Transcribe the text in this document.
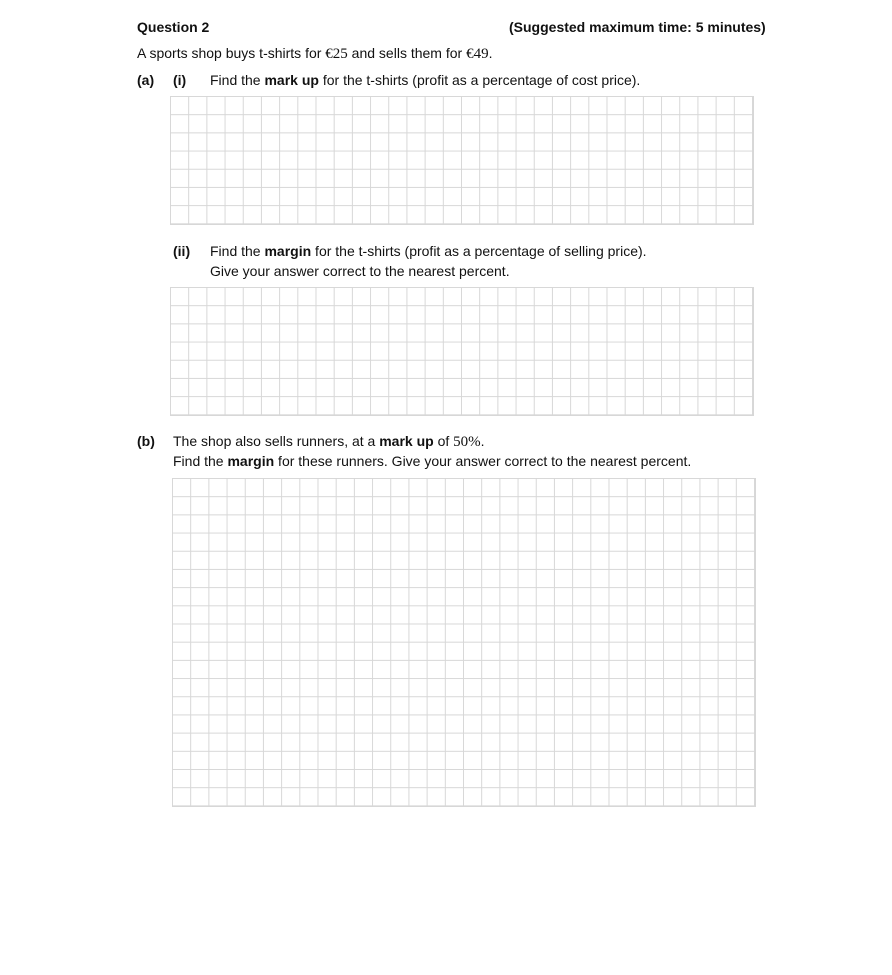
Question 2	(Suggested maximum time: 5 minutes)
A sports shop buys t-shirts for €25 and sells them for €49.
(a) (i) Find the mark up for the t-shirts (profit as a percentage of cost price).
(ii) Find the margin for the t-shirts (profit as a percentage of selling price).
Give your answer correct to the nearest percent.
(b) The shop also sells runners, at a mark up of 50%.
Find the margin for these runners. Give your answer correct to the nearest percent.
